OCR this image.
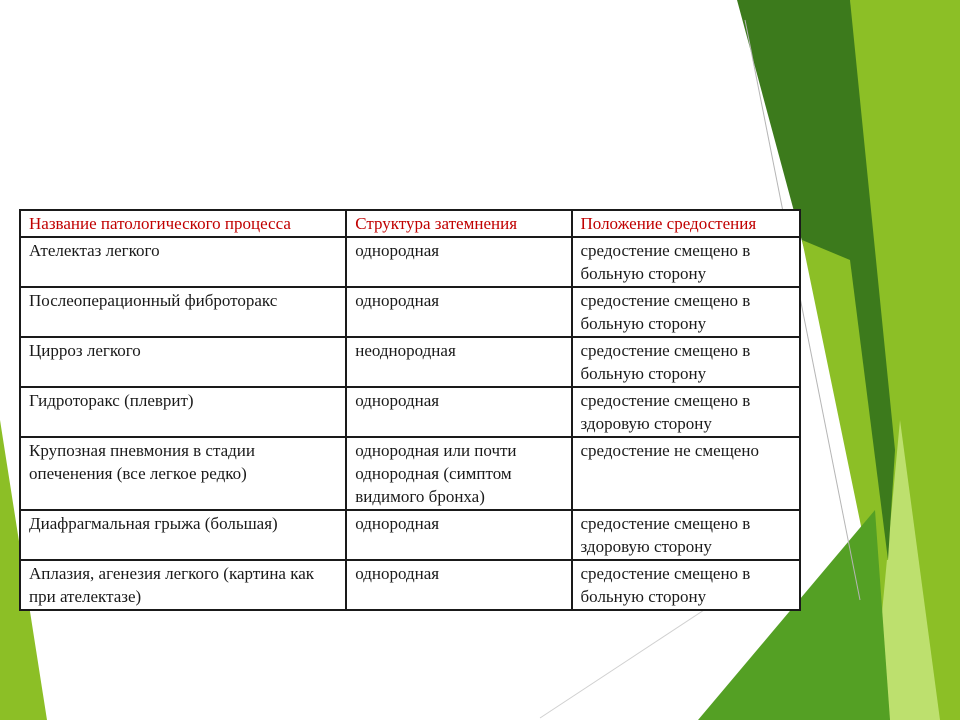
Название патологического процесса	Структура затемнения	Положение средостения
Ателектаз легкого	однородная	средостение смещено в больную сторону
Послеоперационный фиброторакс	однородная	средостение смещено в больную сторону
Цирроз легкого	неоднородная	средостение смещено в больную сторону
Гидроторакс (плеврит)	однородная	средостение смещено в здоровую сторону
Крупозная пневмония в стадии опеченения (все легкое редко)	однородная или почти однородная (симптом видимого бронха)	средостение не смещено
Диафрагмальная грыжа (большая)	однородная	средостение смещено в здоровую сторону
Аплазия, агенезия легкого (картина как при ателектазе)	однородная	средостение смещено в больную сторону
